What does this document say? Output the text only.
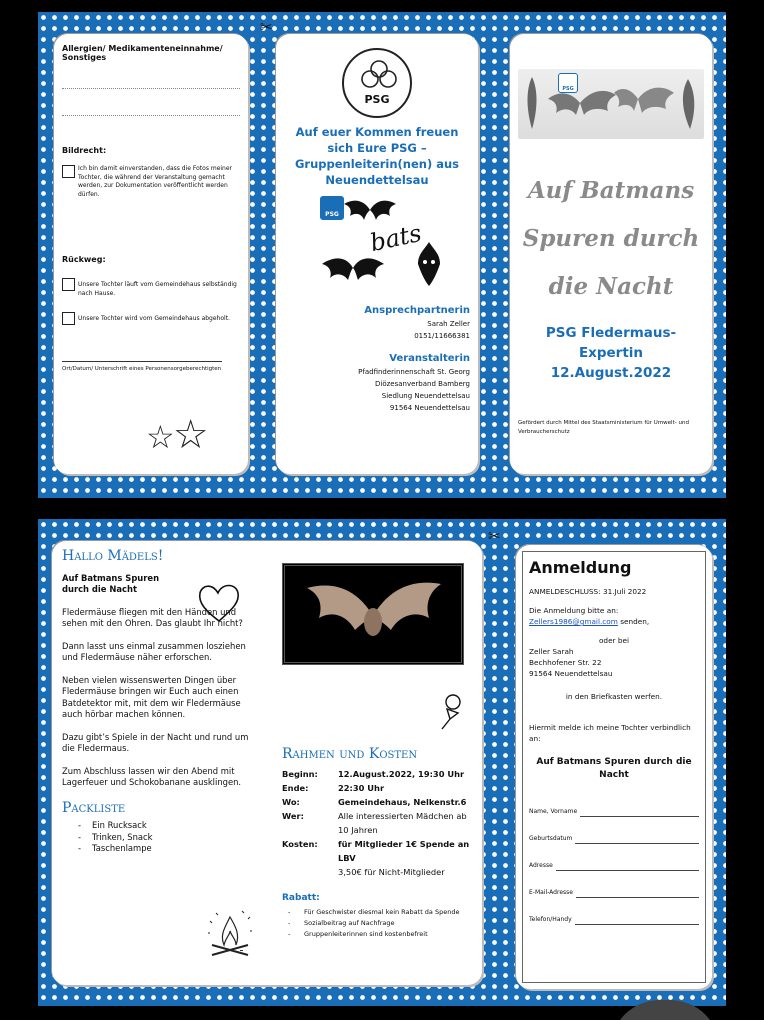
✂
Allergien/ Medikamenteneinnahme/ Sonstiges
Bildrecht:
Ich bin damit einverstanden, dass die Fotos meiner Tochter, die während der Veranstaltung gemacht werden, zur Dokumentation veröffentlicht werden dürfen.
Rückweg:
Unsere Tochter läuft vom Gemeindehaus selbständig nach Hause.
Unsere Tochter wird vom Gemeindehaus abgeholt.
Ort/Datum/ Unterschrift eines Personensorgeberechtigten
☆☆
PSG
Auf euer Kommen freuen sich Eure PSG – Gruppenleiterin(nen) aus Neuendettelsau
PSG
bats
Ansprechpartnerin
Sarah Zeller
0151/11666381
Veranstalterin
Pfadfinderinnenschaft St. Georg
Diözesanverband Bamberg
Siedlung Neuendettelsau
91564 Neuendettelsau
PSG
Auf Batmans
Spuren durch
die Nacht
PSG Fledermaus-
Expertin
12.August.2022
Gefördert durch Mittel des Staatsministerium für Umwelt- und Verbraucherschutz
✂
Hallo Mädels!
Auf Batmans Spuren durch die Nacht

Fledermäuse fliegen mit den Händen und sehen mit den Ohren. Das glaubt Ihr nicht?

Dann lasst uns einmal zusammen losziehen und Fledermäuse näher erforschen.

Neben vielen wissenswerten Dingen über Fledermäuse bringen wir Euch auch einen Batdetektor mit, mit dem wir Fledermäuse auch hörbar machen können.

Dazu gibt’s Spiele in der Nacht und rund um die Fledermaus.

Zum Abschluss lassen wir den Abend mit Lagerfeuer und Schokobanane ausklingen.

Packliste
- Ein Rucksack
- Trinken, Snack
- Taschenlampe
Rahmen und Kosten
Beginn:	12.August.2022, 19:30 Uhr
Ende:	22:30 Uhr
Wo:	Gemeindehaus, Nelkenstr.6
Wer:	Alle interessierten Mädchen ab 10 Jahren
Kosten:	für Mitglieder 1€ Spende an LBV
3,50€ für Nicht-Mitglieder
Rabatt:
- Für Geschwister diesmal kein Rabatt da Spende
- Sozialbeitrag auf Nachfrage
- Gruppenleiterinnen sind kostenbefreit
Anmeldung
ANMELDESCHLUSS: 31.Juli 2022
Die Anmeldung bitte an:
Zellers1986@gmail.com senden,
oder bei
Zeller Sarah
Bechhofener Str. 22
91564 Neuendettelsau
in den Briefkasten werfen.
Hiermit melde ich meine Tochter verbindlich an:
Auf Batmans Spuren durch die Nacht
Name, Vorname
Geburtsdatum
Adresse
E-Mail-Adresse
Telefon/Handy
